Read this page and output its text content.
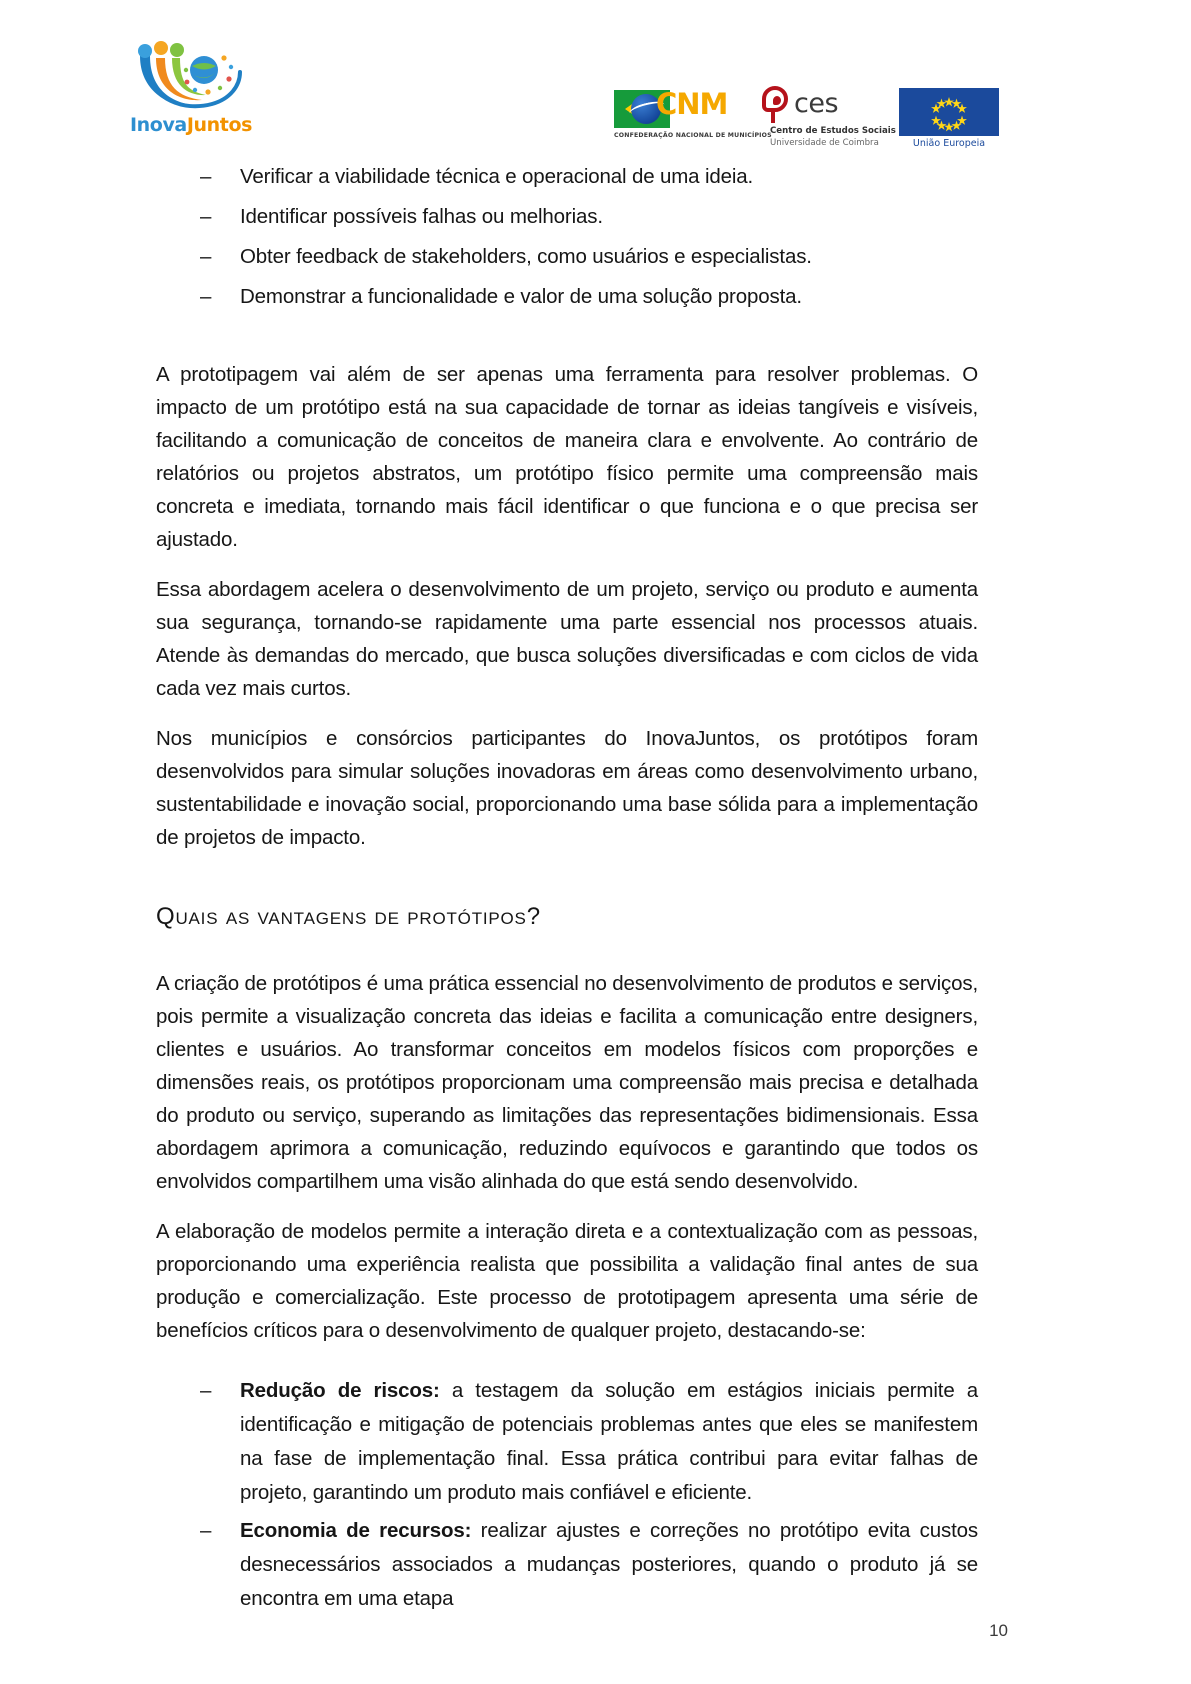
InovaJuntos
CNM
CONFEDERAÇÃO NACIONAL DE MUNICÍPIOS
ces
Centro de Estudos Sociais
Universidade de Coimbra	União Europeia
– Verificar a viabilidade técnica e operacional de uma ideia.
– Identificar possíveis falhas ou melhorias.
– Obter feedback de stakeholders, como usuários e especialistas.
– Demonstrar a funcionalidade e valor de uma solução proposta.

A prototipagem vai além de ser apenas uma ferramenta para resolver problemas. O impacto de um protótipo está na sua capacidade de tornar as ideias tangíveis e visíveis, facilitando a comunicação de conceitos de maneira clara e envolvente. Ao contrário de relatórios ou projetos abstratos, um protótipo físico permite uma compreensão mais concreta e imediata, tornando mais fácil identificar o que funciona e o que precisa ser ajustado.

Essa abordagem acelera o desenvolvimento de um projeto, serviço ou produto e aumenta sua segurança, tornando-se rapidamente uma parte essencial nos processos atuais. Atende às demandas do mercado, que busca soluções diversificadas e com ciclos de vida cada vez mais curtos.

Nos municípios e consórcios participantes do InovaJuntos, os protótipos foram desenvolvidos para simular soluções inovadoras em áreas como desenvolvimento urbano, sustentabilidade e inovação social, proporcionando uma base sólida para a implementação de projetos de impacto.

Quais as vantagens de protótipos?

A criação de protótipos é uma prática essencial no desenvolvimento de produtos e serviços, pois permite a visualização concreta das ideias e facilita a comunicação entre designers, clientes e usuários. Ao transformar conceitos em modelos físicos com proporções e dimensões reais, os protótipos proporcionam uma compreensão mais precisa e detalhada do produto ou serviço, superando as limitações das representações bidimensionais. Essa abordagem aprimora a comunicação, reduzindo equívocos e garantindo que todos os envolvidos compartilhem uma visão alinhada do que está sendo desenvolvido.

A elaboração de modelos permite a interação direta e a contextualização com as pessoas, proporcionando uma experiência realista que possibilita a validação final antes de sua produção e comercialização. Este processo de prototipagem apresenta uma série de benefícios críticos para o desenvolvimento de qualquer projeto, destacando-se:

– Redução de riscos: a testagem da solução em estágios iniciais permite a identificação e mitigação de potenciais problemas antes que eles se manifestem na fase de implementação final. Essa prática contribui para evitar falhas de projeto, garantindo um produto mais confiável e eficiente.
– Economia de recursos: realizar ajustes e correções no protótipo evita custos desnecessários associados a mudanças posteriores, quando o produto já se encontra em uma etapa
10
